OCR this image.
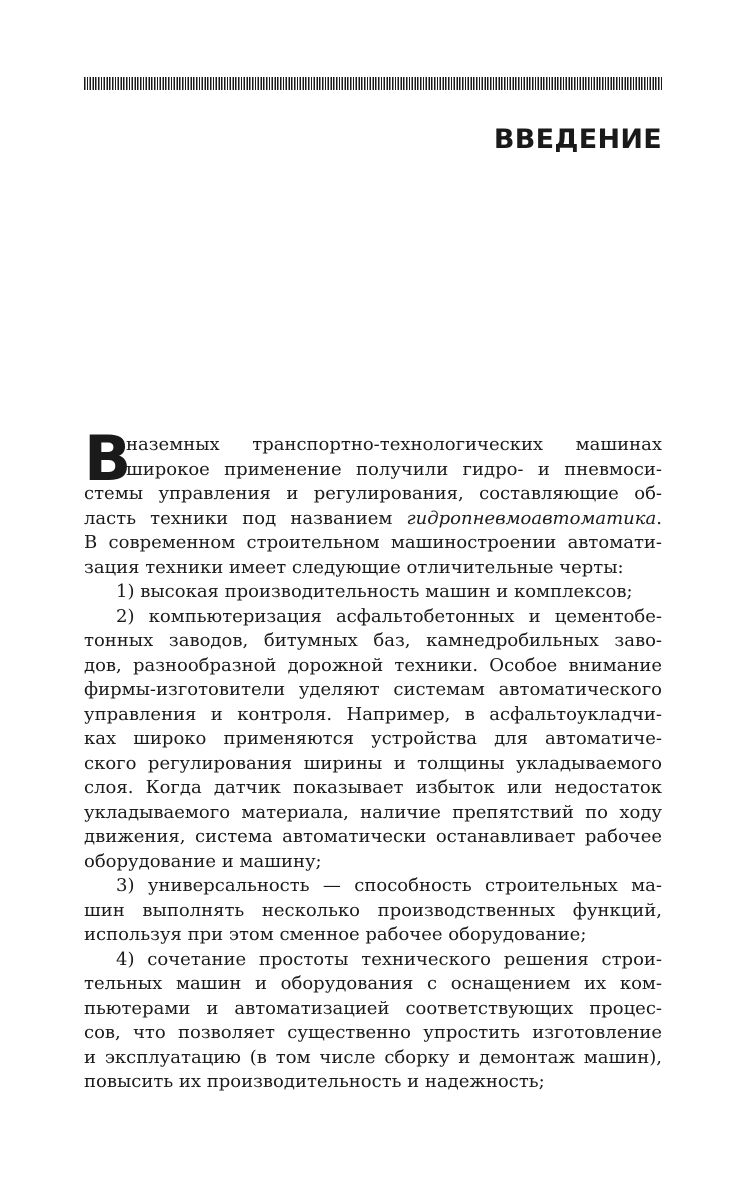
ВВЕДЕНИЕ
В
наземных транспортно-технологических машинах
широкое применение получили гидро- и пневмоси-
стемы управления и регулирования, составляющие об-
ласть техники под названием гидропневмоавтоматика.
В современном строительном машиностроении автомати-
зация техники имеет следующие отличительные черты:
1) высокая производительность машин и комплексов;
2) компьютеризация асфальтобетонных и цементобе-
тонных заводов, битумных баз, камнедробильных заво-
дов, разнообразной дорожной техники. Особое внимание
фирмы-изготовители уделяют системам автоматического
управления и контроля. Например, в асфальтоукладчи-
ках широко применяются устройства для автоматиче-
ского регулирования ширины и толщины укладываемого
слоя. Когда датчик показывает избыток или недостаток
укладываемого материала, наличие препятствий по ходу
движения, система автоматически останавливает рабочее
оборудование и машину;
3) универсальность — способность строительных ма-
шин выполнять несколько производственных функций,
используя при этом сменное рабочее оборудование;
4) сочетание простоты технического решения строи-
тельных машин и оборудования с оснащением их ком-
пьютерами и автоматизацией соответствующих процес-
сов, что позволяет существенно упростить изготовление
и эксплуатацию (в том числе сборку и демонтаж машин),
повысить их производительность и надежность;
